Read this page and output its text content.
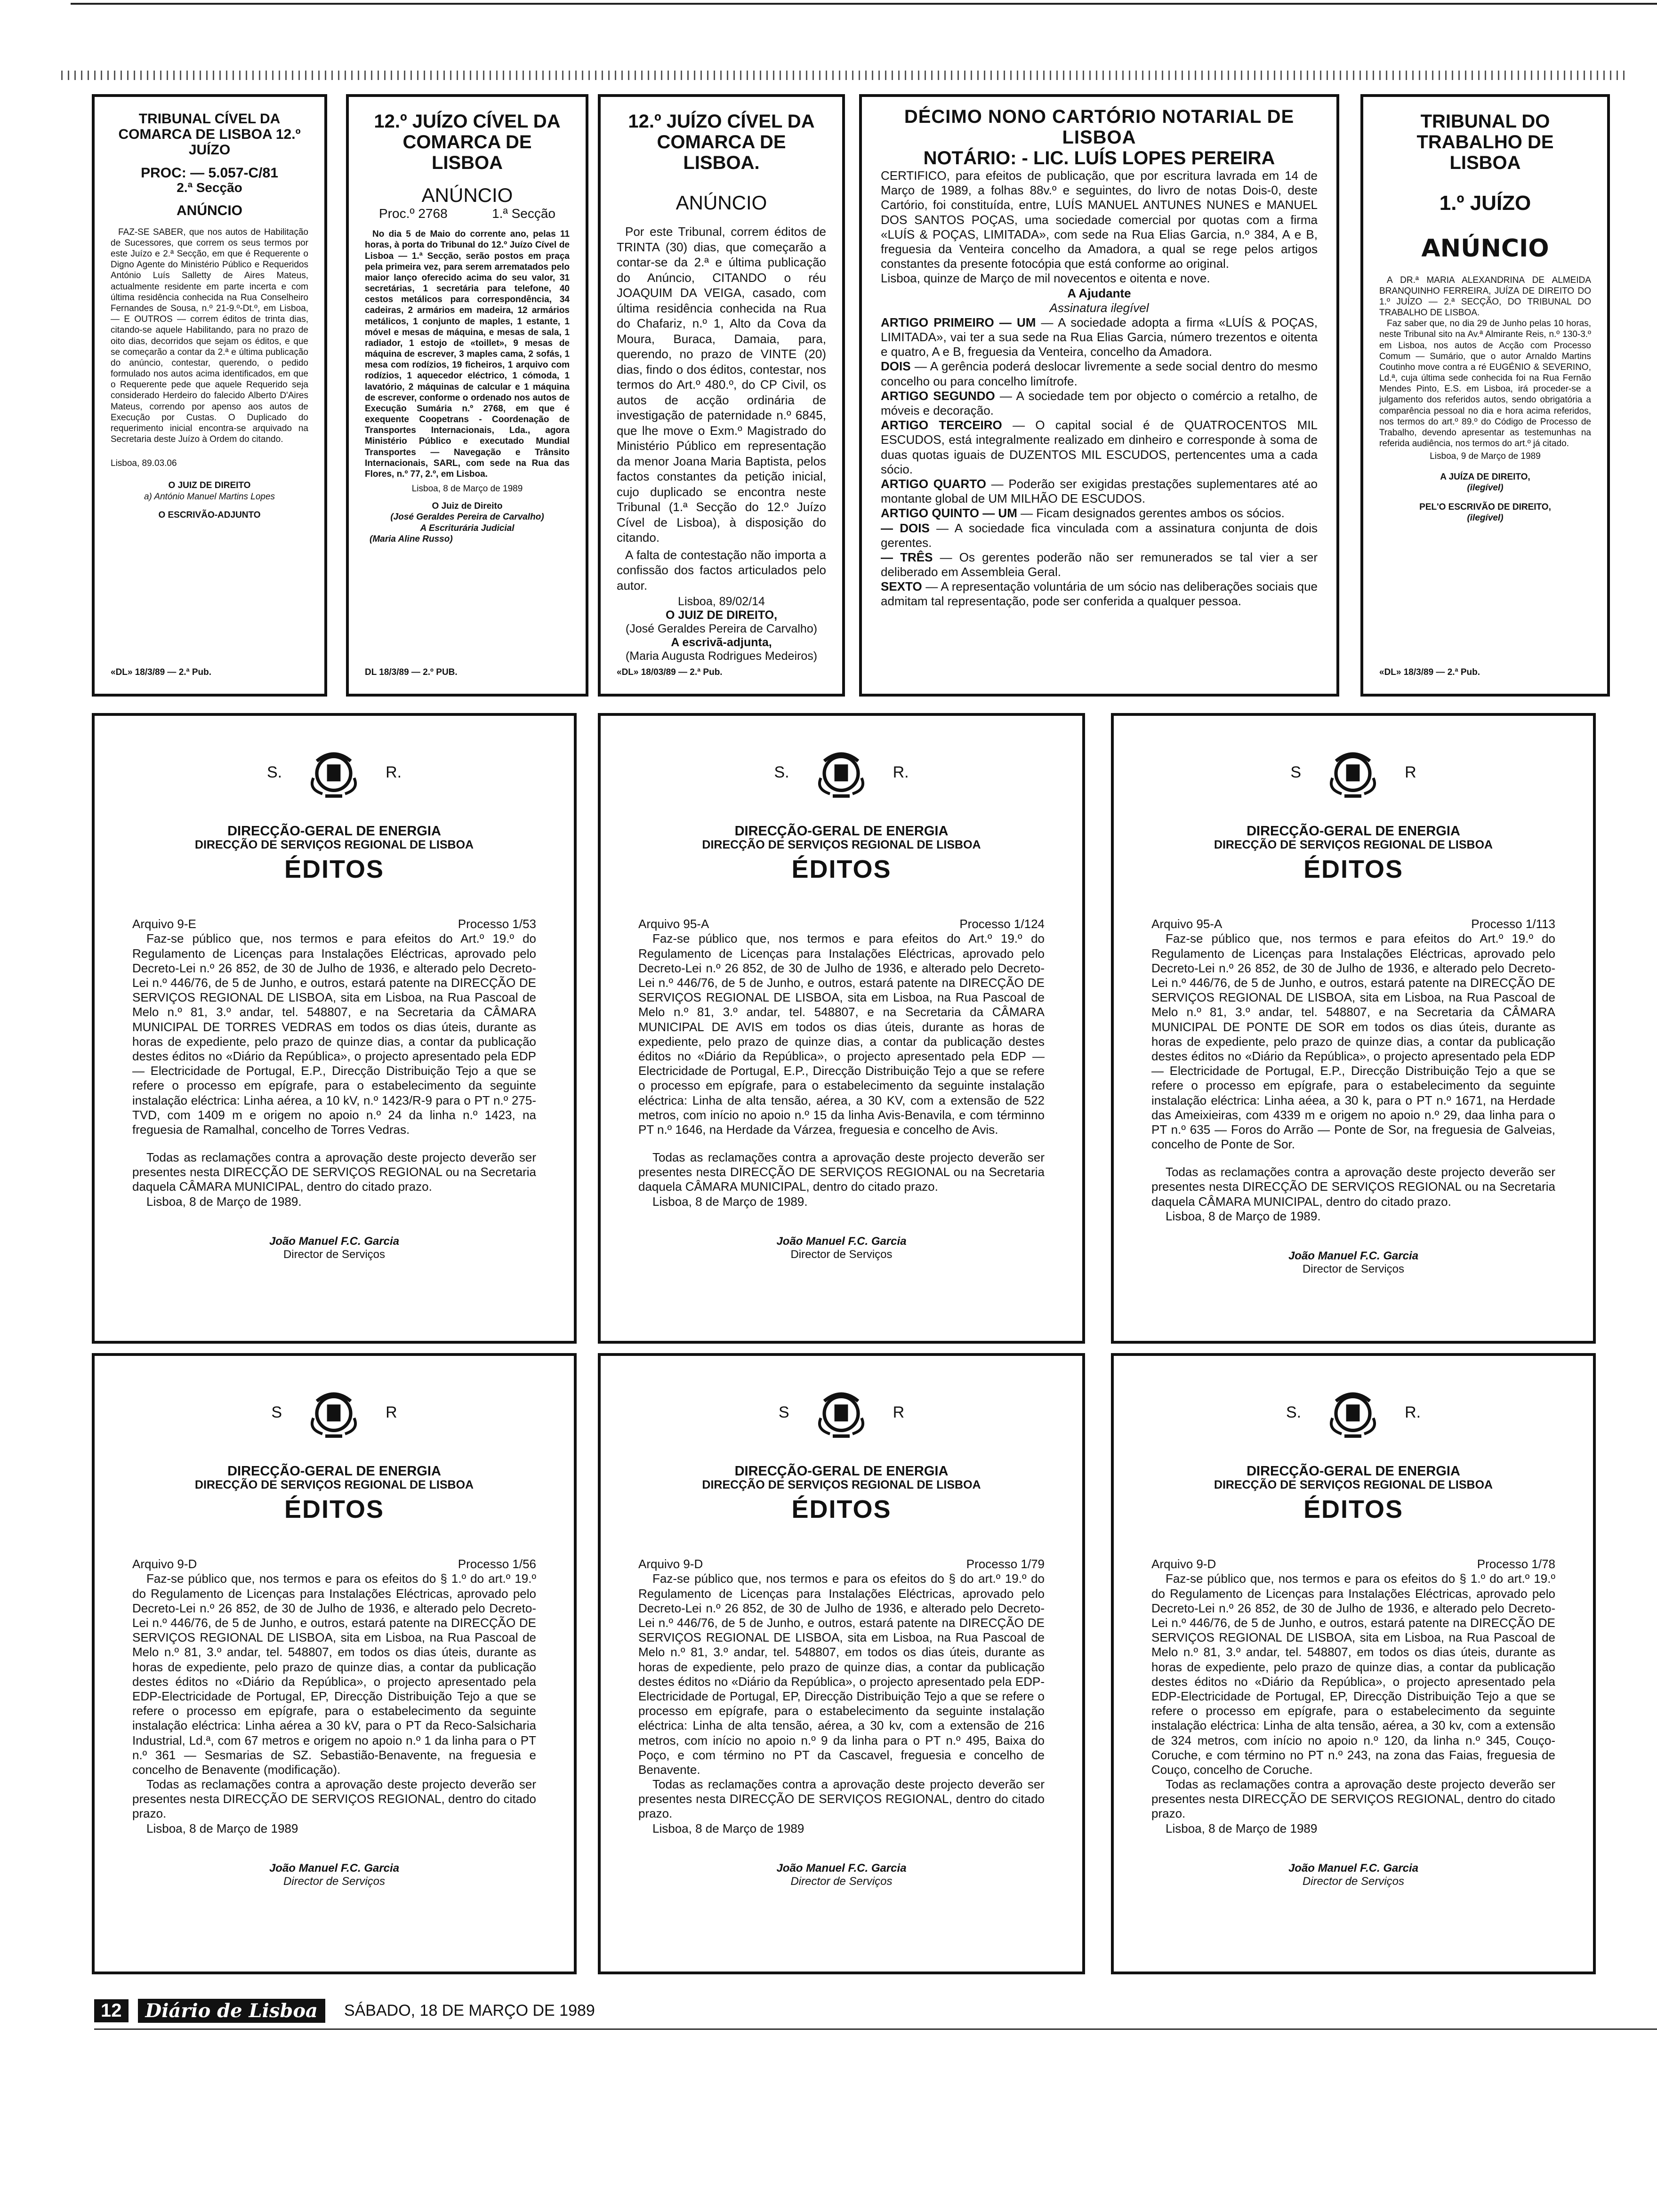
TRIBUNAL CÍVEL DA COMARCA DE LISBOA 12.º JUÍZO
PROC: — 5.057-C/81
2.ª Secção
ANÚNCIO

FAZ-SE SABER, que nos autos de Habilitação de Sucessores, que correm os seus termos por este Juízo e 2.ª Secção, em que é Requerente o Digno Agente do Ministério Público e Requeridos António Luís Salletty de Aires Mateus, actualmente residente em parte incerta e com última residência conhecida na Rua Conselheiro Fernandes de Sousa, n.º 21-9.º-Dt.º, em Lisboa, — E OUTROS — correm éditos de trinta dias, citando-se aquele Habilitando, para no prazo de oito dias, decorridos que sejam os éditos, e que se começarão a contar da 2.ª e última publicação do anúncio, contestar, querendo, o pedido formulado nos autos acima identificados, em que o Requerente pede que aquele Requerido seja considerado Herdeiro do falecido Alberto D'Aires Mateus, correndo por apenso aos autos de Execução por Custas. O Duplicado do requerimento inicial encontra-se arquivado na Secretaria deste Juízo à Ordem do citando.

Lisboa, 89.03.06
O JUIZ DE DIREITO
a) António Manuel Martins Lopes
O ESCRIVÃO-ADJUNTO
«DL» 18/3/89 — 2.ª Pub.
12.º JUÍZO CÍVEL DA COMARCA DE LISBOA
ANÚNCIO
Proc.º 2768	1.ª Secção

No dia 5 de Maio do corrente ano, pelas 11 horas, à porta do Tribunal do 12.º Juízo Cível de Lisboa — 1.ª Secção, serão postos em praça pela primeira vez, para serem arrematados pelo maior lanço oferecido acima do seu valor, 31 secretárias, 1 secretária para telefone, 40 cestos metálicos para correspondência, 34 cadeiras, 2 armários em madeira, 12 armários metálicos, 1 conjunto de maples, 1 estante, 1 móvel e mesas de máquina, e mesas de sala, 1 radiador, 1 estojo de «toillet», 9 mesas de máquina de escrever, 3 maples cama, 2 sofás, 1 mesa com rodízios, 19 ficheiros, 1 arquivo com rodízios, 1 aquecedor eléctrico, 1 cómoda, 1 lavatório, 2 máquinas de calcular e 1 máquina de escrever, conforme o ordenado nos autos de Execução Sumária n.º 2768, em que é exequente Coopetrans - Coordenação de Transportes Internacionais, Lda., agora Ministério Público e executado Mundial Transportes — Navegação e Trânsito Internacionais, SARL, com sede na Rua das Flores, n.º 77, 2.º, em Lisboa.

Lisboa, 8 de Março de 1989
O Juiz de Direito
(José Geraldes Pereira de Carvalho)
A Escriturária Judicial
(Maria Aline Russo)
DL 18/3/89 — 2.º PUB.
12.º JUÍZO CÍVEL DA COMARCA DE LISBOA.
ANÚNCIO

Por este Tribunal, correm éditos de TRINTA (30) dias, que começarão a contar-se da 2.ª e última publicação do Anúncio, CITANDO o réu JOAQUIM DA VEIGA, casado, com última residência conhecida na Rua do Chafariz, n.º 1, Alto da Cova da Moura, Buraca, Damaia, para, querendo, no prazo de VINTE (20) dias, findo o dos éditos, contestar, nos termos do Art.º 480.º, do CP Civil, os autos de acção ordinária de investigação de paternidade n.º 6845, que lhe move o Exm.º Magistrado do Ministério Público em representação da menor Joana Maria Baptista, pelos factos constantes da petição inicial, cujo duplicado se encontra neste Tribunal (1.ª Secção do 12.º Juízo Cível de Lisboa), à disposição do citando.

A falta de contestação não importa a confissão dos factos articulados pelo autor.

Lisboa, 89/02/14
O JUIZ DE DIREITO,
(José Geraldes Pereira de Carvalho)
A escrivã-adjunta,
(Maria Augusta Rodrigues Medeiros)
«DL» 18/03/89 — 2.ª Pub.
DÉCIMO NONO CARTÓRIO NOTARIAL DE LISBOA
NOTÁRIO: - LIC. LUÍS LOPES PEREIRA
CERTIFICO, para efeitos de publicação, que por escritura lavrada em 14 de Março de 1989, a folhas 88v.º e seguintes, do livro de notas Dois-0, deste Cartório, foi constituída, entre, LUÍS MANUEL ANTUNES NUNES e MANUEL DOS SANTOS POÇAS, uma sociedade comercial por quotas com a firma «LUÍS & POÇAS, LIMITADA», com sede na Rua Elias Garcia, n.º 384, A e B, freguesia da Venteira concelho da Amadora, a qual se rege pelos artigos constantes da presente fotocópia que está conforme ao original.
Lisboa, quinze de Março de mil novecentos e oitenta e nove.
A Ajudante
Assinatura ilegível
ARTIGO PRIMEIRO — UM — A sociedade adopta a firma «LUÍS & POÇAS, LIMITADA», vai ter a sua sede na Rua Elias Garcia, número trezentos e oitenta e quatro, A e B, freguesia da Venteira, concelho da Amadora.
DOIS — A gerência poderá deslocar livremente a sede social dentro do mesmo concelho ou para concelho limítrofe.
ARTIGO SEGUNDO — A sociedade tem por objecto o comércio a retalho, de móveis e decoração.
ARTIGO TERCEIRO — O capital social é de QUATROCENTOS MIL ESCUDOS, está integralmente realizado em dinheiro e corresponde à soma de duas quotas iguais de DUZENTOS MIL ESCUDOS, pertencentes uma a cada sócio.
ARTIGO QUARTO — Poderão ser exigidas prestações suplementares até ao montante global de UM MILHÃO DE ESCUDOS.
ARTIGO QUINTO — UM — Ficam designados gerentes ambos os sócios.
— DOIS — A sociedade fica vinculada com a assinatura conjunta de dois gerentes.
— TRÊS — Os gerentes poderão não ser remunerados se tal vier a ser deliberado em Assembleia Geral.
SEXTO — A representação voluntária de um sócio nas deliberações sociais que admitam tal representação, pode ser conferida a qualquer pessoa.
TRIBUNAL DO TRABALHO DE LISBOA
1.º JUÍZO
ANÚNCIO

A DR.ª MARIA ALEXANDRINA DE ALMEIDA BRANQUINHO FERREIRA, JUÍZA DE DIREITO DO 1.º JUÍZO — 2.ª SECÇÃO, DO TRIBUNAL DO TRABALHO DE LISBOA.

Faz saber que, no dia 29 de Junho pelas 10 horas, neste Tribunal sito na Av.ª Almirante Reis, n.º 130-3.º em Lisboa, nos autos de Acção com Processo Comum — Sumário, que o autor Arnaldo Martins Coutinho move contra a ré EUGÉNIO & SEVERINO, Ld.ª, cuja última sede conhecida foi na Rua Fernão Mendes Pinto, E.S. em Lisboa, irá proceder-se a julgamento dos referidos autos, sendo obrigatória a comparência pessoal no dia e hora acima referidos, nos termos do art.º 89.º do Código de Processo de Trabalho, devendo apresentar as testemunhas na referida audiência, nos termos do art.º já citado.

Lisboa, 9 de Março de 1989
A JUÍZA DE DIREITO,
(ilegível)
PEL'O ESCRIVÃO DE DIREITO,
(ilegível)
«DL» 18/3/89 — 2.ª Pub.
S.	R.
DIRECÇÃO-GERAL DE ENERGIA
DIRECÇÃO DE SERVIÇOS REGIONAL DE LISBOA
ÉDITOS
Arquivo 9-E	Processo 1/53

Faz-se público que, nos termos e para efeitos do Art.º 19.º do Regulamento de Licenças para Instalações Eléctricas, aprovado pelo Decreto-Lei n.º 26 852, de 30 de Julho de 1936, e alterado pelo Decreto-Lei n.º 446/76, de 5 de Junho, e outros, estará patente na DIRECÇÃO DE SERVIÇOS REGIONAL DE LISBOA, sita em Lisboa, na Rua Pascoal de Melo n.º 81, 3.º andar, tel. 548807, e na Secretaria da CÂMARA MUNICIPAL DE TORRES VEDRAS em todos os dias úteis, durante as horas de expediente, pelo prazo de quinze dias, a contar da publicação destes éditos no «Diário da República», o projecto apresentado pela EDP — Electricidade de Portugal, E.P., Direcção Distribuição Tejo a que se refere o processo em epígrafe, para o estabelecimento da seguinte instalação eléctrica: Linha aérea, a 10 kV, n.º 1423/R-9 para o PT n.º 275-TVD, com 1409 m e origem no apoio n.º 24 da linha n.º 1423, na freguesia de Ramalhal, concelho de Torres Vedras.

Todas as reclamações contra a aprovação deste projecto deverão ser presentes nesta DIRECÇÃO DE SERVIÇOS REGIONAL ou na Secretaria daquela CÂMARA MUNICIPAL, dentro do citado prazo.

Lisboa, 8 de Março de 1989.

João Manuel F.C. Garcia
Director de Serviços
S.	R.
DIRECÇÃO-GERAL DE ENERGIA
DIRECÇÃO DE SERVIÇOS REGIONAL DE LISBOA
ÉDITOS
Arquivo 95-A	Processo 1/124

Faz-se público que, nos termos e para efeitos do Art.º 19.º do Regulamento de Licenças para Instalações Eléctricas, aprovado pelo Decreto-Lei n.º 26 852, de 30 de Julho de 1936, e alterado pelo Decreto-Lei n.º 446/76, de 5 de Junho, e outros, estará patente na DIRECÇÃO DE SERVIÇOS REGIONAL DE LISBOA, sita em Lisboa, na Rua Pascoal de Melo n.º 81, 3.º andar, tel. 548807, e na Secretaria da CÂMARA MUNICIPAL DE AVIS em todos os dias úteis, durante as horas de expediente, pelo prazo de quinze dias, a contar da publicação destes éditos no «Diário da República», o projecto apresentado pela EDP — Electricidade de Portugal, E.P., Direcção Distribuição Tejo a que se refere o processo em epígrafe, para o estabelecimento da seguinte instalação eléctrica: Linha de alta tensão, aérea, a 30 KV, com a extensão de 522 metros, com início no apoio n.º 15 da linha Avis-Benavila, e com términno PT n.º 1646, na Herdade da Várzea, freguesia e concelho de Avis.

Todas as reclamações contra a aprovação deste projecto deverão ser presentes nesta DIRECÇÃO DE SERVIÇOS REGIONAL ou na Secretaria daquela CÂMARA MUNICIPAL, dentro do citado prazo.

Lisboa, 8 de Março de 1989.

João Manuel F.C. Garcia
Director de Serviços
S	R
DIRECÇÃO-GERAL DE ENERGIA
DIRECÇÃO DE SERVIÇOS REGIONAL DE LISBOA
ÉDITOS
Arquivo 95-A	Processo 1/113

Faz-se público que, nos termos e para efeitos do Art.º 19.º do Regulamento de Licenças para Instalações Eléctricas, aprovado pelo Decreto-Lei n.º 26 852, de 30 de Julho de 1936, e alterado pelo Decreto-Lei n.º 446/76, de 5 de Junho, e outros, estará patente na DIRECÇÃO DE SERVIÇOS REGIONAL DE LISBOA, sita em Lisboa, na Rua Pascoal de Melo n.º 81, 3.º andar, tel. 548807, e na Secretaria da CÂMARA MUNICIPAL DE PONTE DE SOR em todos os dias úteis, durante as horas de expediente, pelo prazo de quinze dias, a contar da publicação destes éditos no «Diário da República», o projecto apresentado pela EDP — Electricidade de Portugal, E.P., Direcção Distribuição Tejo a que se refere o processo em epígrafe, para o estabelecimento da seguinte instalação eléctrica: Linha aéea, a 30 k, para o PT n.º 1671, na Herdade das Ameixieiras, com 4339 m e origem no apoio n.º 29, daa linha para o PT n.º 635 — Foros do Arrão — Ponte de Sor, na freguesia de Galveias, concelho de Ponte de Sor.

Todas as reclamações contra a aprovação deste projecto deverão ser presentes nesta DIRECÇÃO DE SERVIÇOS REGIONAL ou na Secretaria daquela CÂMARA MUNICIPAL, dentro do citado prazo.

Lisboa, 8 de Março de 1989.

João Manuel F.C. Garcia
Director de Serviços
S	R
DIRECÇÃO-GERAL DE ENERGIA
DIRECÇÃO DE SERVIÇOS REGIONAL DE LISBOA
ÉDITOS
Arquivo 9-D	Processo 1/56

Faz-se público que, nos termos e para os efeitos do § 1.º do art.º 19.º do Regulamento de Licenças para Instalações Eléctricas, aprovado pelo Decreto-Lei n.º 26 852, de 30 de Julho de 1936, e alterado pelo Decreto-Lei n.º 446/76, de 5 de Junho, e outros, estará patente na DIRECÇÃO DE SERVIÇOS REGIONAL DE LISBOA, sita em Lisboa, na Rua Pascoal de Melo n.º 81, 3.º andar, tel. 548807, em todos os dias úteis, durante as horas de expediente, pelo prazo de quinze dias, a contar da publicação destes éditos no «Diário da República», o projecto apresentado pela EDP-Electricidade de Portugal, EP, Direcção Distribuição Tejo a que se refere o processo em epígrafe, para o estabelecimento da seguinte instalação eléctrica: Linha aérea a 30 kV, para o PT da Reco-Salsicharia Industrial, Ld.ª, com 67 metros e origem no apoio n.º 1 da linha para o PT n.º 361 — Sesmarias de SZ. Sebastião-Benavente, na freguesia e concelho de Benavente (modificação).

Todas as reclamações contra a aprovação deste projecto deverão ser presentes nesta DIRECÇÃO DE SERVIÇOS REGIONAL, dentro do citado prazo.

Lisboa, 8 de Março de 1989

João Manuel F.C. Garcia
Director de Serviços
S	R
DIRECÇÃO-GERAL DE ENERGIA
DIRECÇÃO DE SERVIÇOS REGIONAL DE LISBOA
ÉDITOS
Arquivo 9-D	Processo 1/79

Faz-se público que, nos termos e para os efeitos do § do art.º 19.º do Regulamento de Licenças para Instalações Eléctricas, aprovado pelo Decreto-Lei n.º 26 852, de 30 de Julho de 1936, e alterado pelo Decreto-Lei n.º 446/76, de 5 de Junho, e outros, estará patente na DIRECÇÃO DE SERVIÇOS REGIONAL DE LISBOA, sita em Lisboa, na Rua Pascoal de Melo n.º 81, 3.º andar, tel. 548807, em todos os dias úteis, durante as horas de expediente, pelo prazo de quinze dias, a contar da publicação destes éditos no «Diário da República», o projecto apresentado pela EDP-Electricidade de Portugal, EP, Direcção Distribuição Tejo a que se refere o processo em epígrafe, para o estabelecimento da seguinte instalação eléctrica: Linha de alta tensão, aérea, a 30 kv, com a extensão de 216 metros, com início no apoio n.º 9 da linha para o PT n.º 495, Baixa do Poço, e com término no PT da Cascavel, freguesia e concelho de Benavente.

Todas as reclamações contra a aprovação deste projecto deverão ser presentes nesta DIRECÇÃO DE SERVIÇOS REGIONAL, dentro do citado prazo.

Lisboa, 8 de Março de 1989

João Manuel F.C. Garcia
Director de Serviços
S.	R.
DIRECÇÃO-GERAL DE ENERGIA
DIRECÇÃO DE SERVIÇOS REGIONAL DE LISBOA
ÉDITOS
Arquivo 9-D	Processo 1/78

Faz-se público que, nos termos e para os efeitos do § 1.º do art.º 19.º do Regulamento de Licenças para Instalações Eléctricas, aprovado pelo Decreto-Lei n.º 26 852, de 30 de Julho de 1936, e alterado pelo Decreto-Lei n.º 446/76, de 5 de Junho, e outros, estará patente na DIRECÇÃO DE SERVIÇOS REGIONAL DE LISBOA, sita em Lisboa, na Rua Pascoal de Melo n.º 81, 3.º andar, tel. 548807, em todos os dias úteis, durante as horas de expediente, pelo prazo de quinze dias, a contar da publicação destes éditos no «Diário da República», o projecto apresentado pela EDP-Electricidade de Portugal, EP, Direcção Distribuição Tejo a que se refere o processo em epígrafe, para o estabelecimento da seguinte instalação eléctrica: Linha de alta tensão, aérea, a 30 kv, com a extensão de 324 metros, com início no apoio n.º 120, da linha n.º 345, Couço-Coruche, e com término no PT n.º 243, na zona das Faias, freguesia de Couço, concelho de Coruche.

Todas as reclamações contra a aprovação deste projecto deverão ser presentes nesta DIRECÇÃO DE SERVIÇOS REGIONAL, dentro do citado prazo.

Lisboa, 8 de Março de 1989

João Manuel F.C. Garcia
Director de Serviços
12	Diário de Lisboa	SÁBADO, 18 DE MARÇO DE 1989
